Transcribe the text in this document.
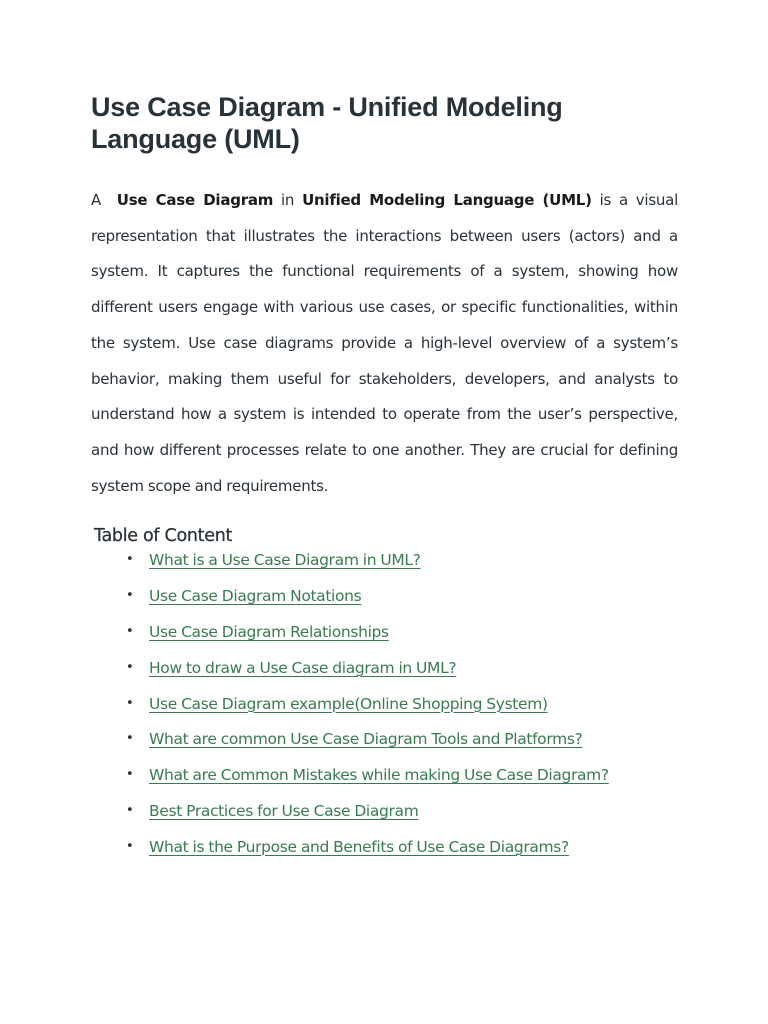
Use Case Diagram - Unified Modeling Language (UML)

A Use Case Diagram in Unified Modeling Language (UML) is a visual representation that illustrates the interactions between users (actors) and a system. It captures the functional requirements of a system, showing how different users engage with various use cases, or specific functionalities, within the system. Use case diagrams provide a high-level overview of a system’s behavior, making them useful for stakeholders, developers, and analysts to understand how a system is intended to operate from the user’s perspective, and how different processes relate to one another. They are crucial for defining system scope and requirements.

Table of Content
• What is a Use Case Diagram in UML?
• Use Case Diagram Notations
• Use Case Diagram Relationships
• How to draw a Use Case diagram in UML?
• Use Case Diagram example(Online Shopping System)
• What are common Use Case Diagram Tools and Platforms?
• What are Common Mistakes while making Use Case Diagram?
• Best Practices for Use Case Diagram
• What is the Purpose and Benefits of Use Case Diagrams?
